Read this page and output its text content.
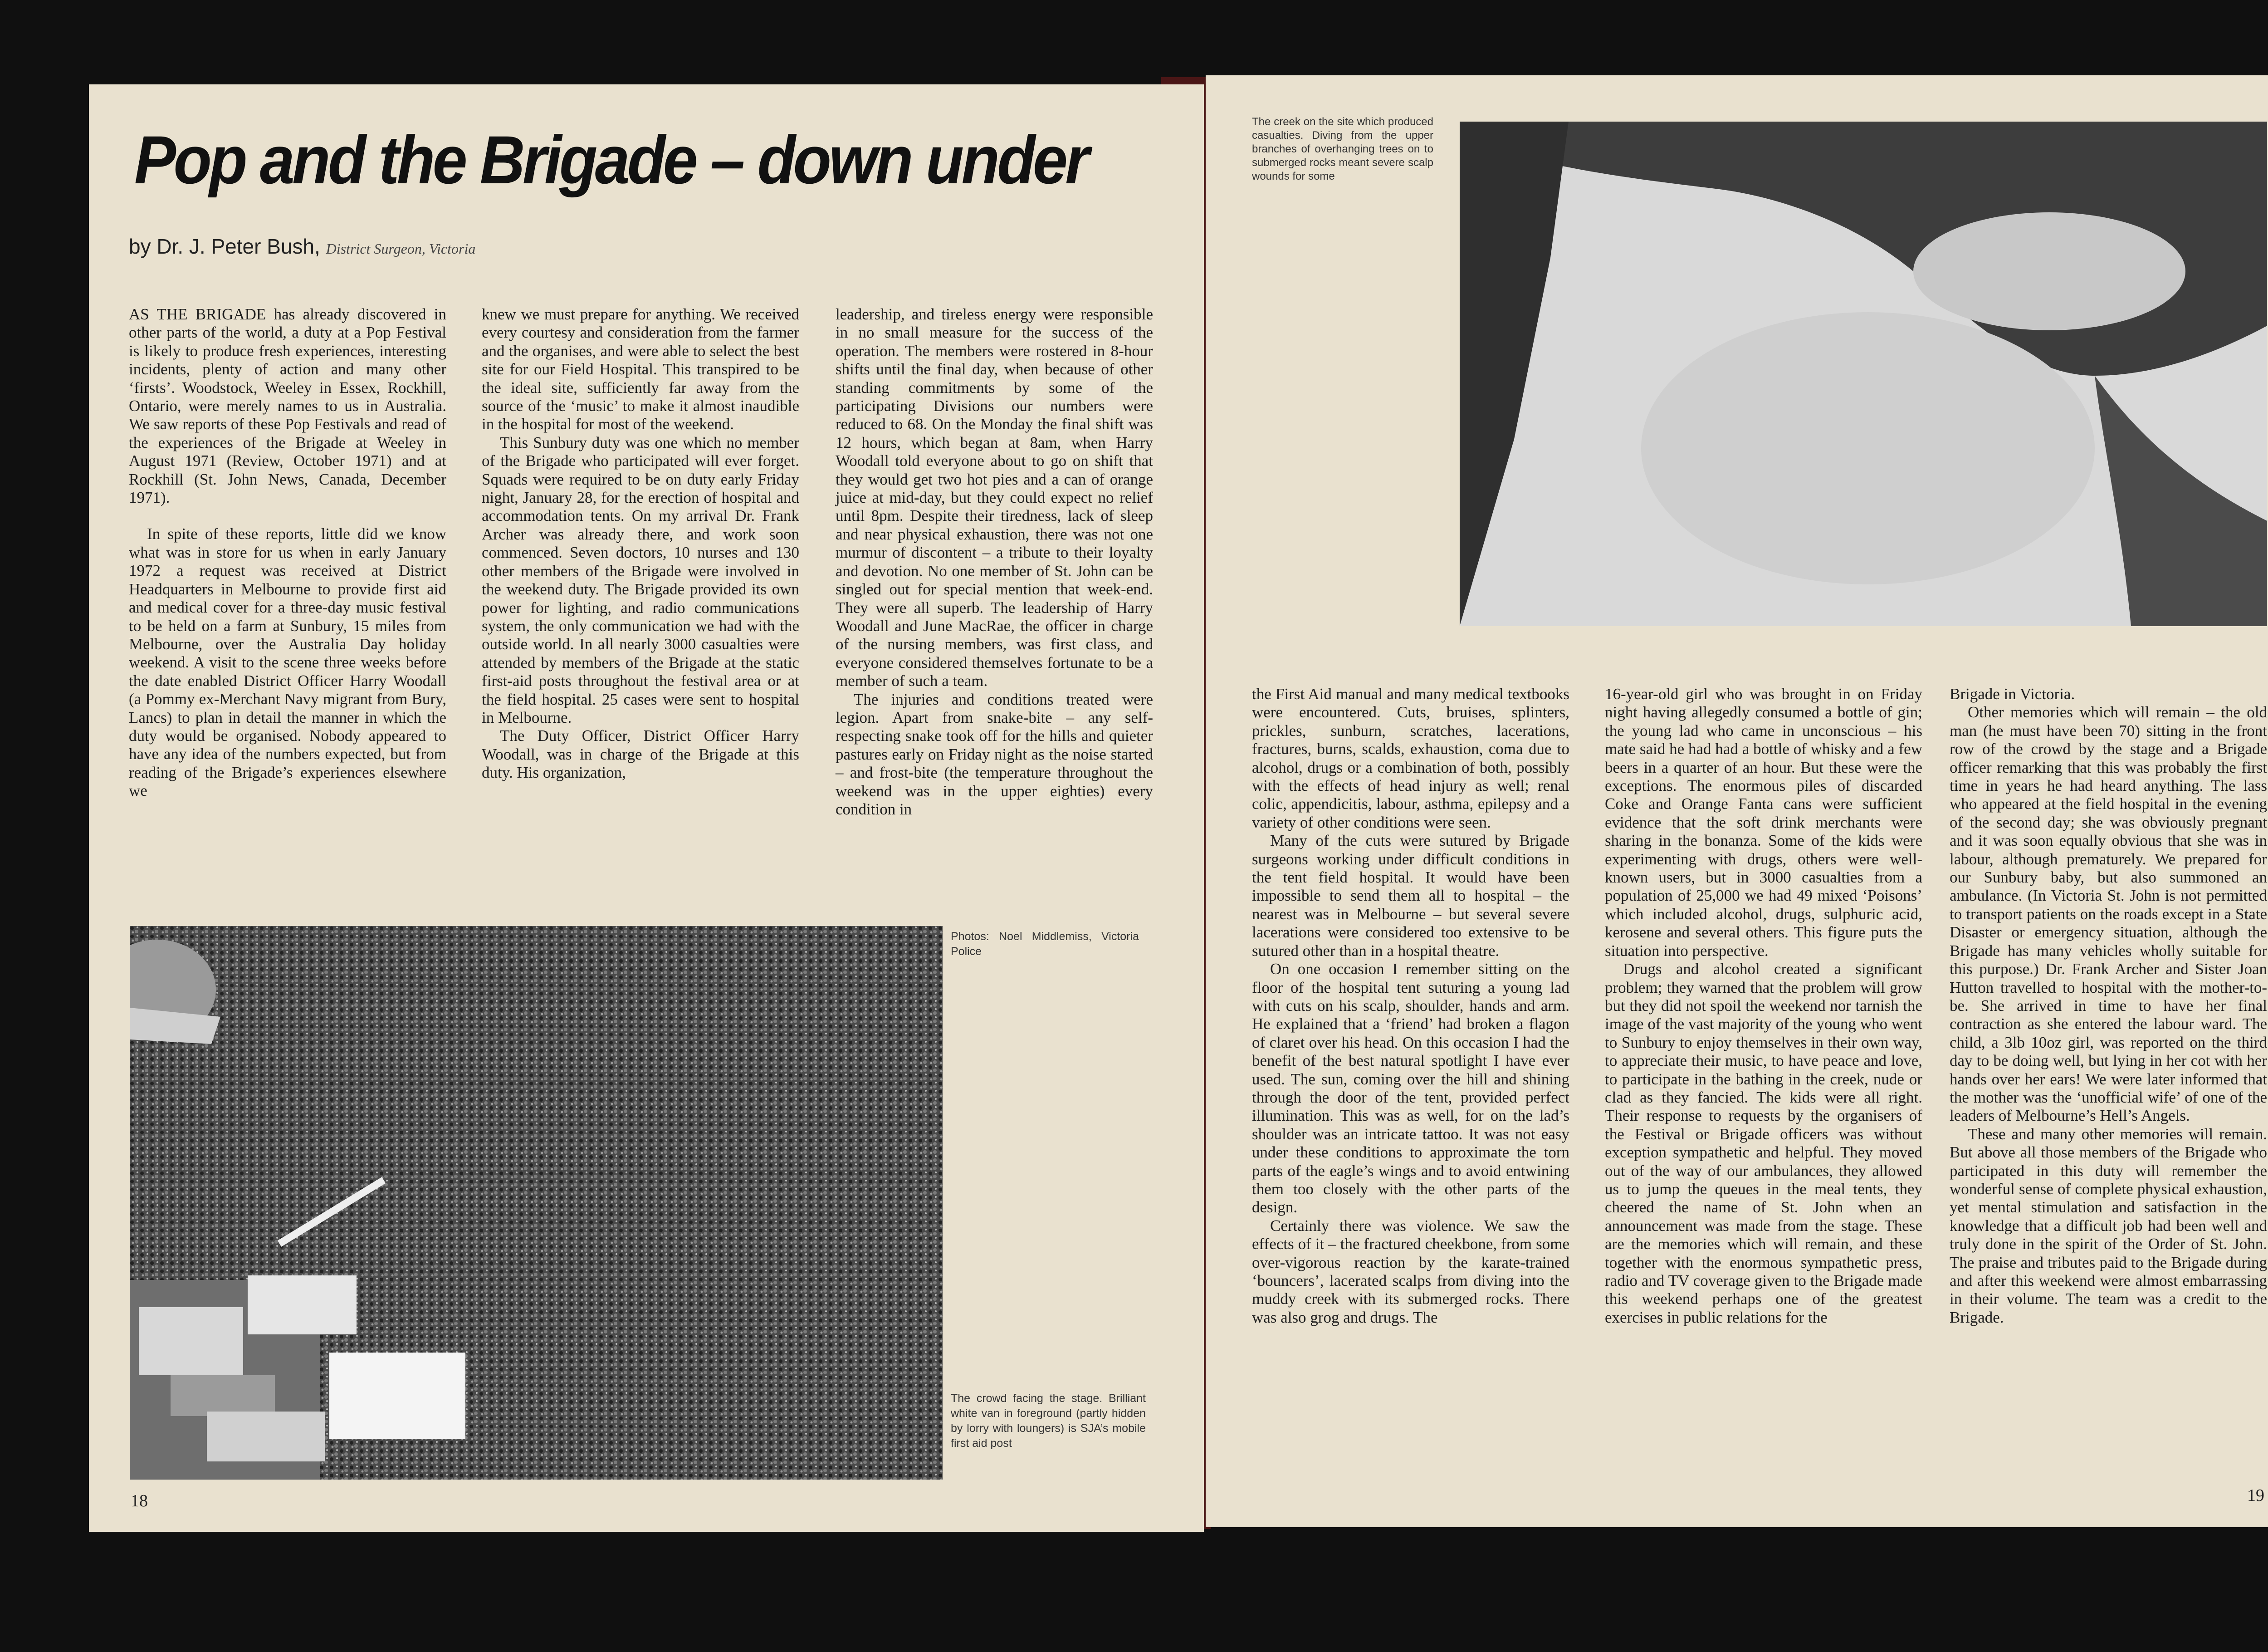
Pop and the Brigade – down under
by Dr. J. Peter Bush, District Surgeon, Victoria

AS THE BRIGADE has already discovered in other parts of the world, a duty at a Pop Festival is likely to produce fresh experiences, interesting incidents, plenty of action and many other ‘firsts’. Woodstock, Weeley in Essex, Rockhill, Ontario, were merely names to us in Australia. We saw reports of these Pop Festivals and read of the experiences of the Brigade at Weeley in August 1971 (Review, October 1971) and at Rockhill (St. John News, Canada, December 1971).

In spite of these reports, little did we know what was in store for us when in early January 1972 a request was received at District Headquarters in Melbourne to provide first aid and medical cover for a three-day music festival to be held on a farm at Sunbury, 15 miles from Melbourne, over the Australia Day holiday weekend. A visit to the scene three weeks before the date enabled District Officer Harry Woodall (a Pommy ex-Merchant Navy migrant from Bury, Lancs) to plan in detail the manner in which the duty would be organised. Nobody appeared to have any idea of the numbers expected, but from reading of the Brigade’s experiences elsewhere we

knew we must prepare for anything. We received every courtesy and consideration from the farmer and the organises, and were able to select the best site for our Field Hospital. This transpired to be the ideal site, sufficiently far away from the source of the ‘music’ to make it almost inaudible in the hospital for most of the weekend.

This Sunbury duty was one which no member of the Brigade who participated will ever forget. Squads were required to be on duty early Friday night, January 28, for the erection of hospital and accommodation tents. On my arrival Dr. Frank Archer was already there, and work soon commenced. Seven doctors, 10 nurses and 130 other members of the Brigade were involved in the weekend duty. The Brigade provided its own power for lighting, and radio communications system, the only communication we had with the outside world. In all nearly 3000 casualties were attended by members of the Brigade at the static first-aid posts throughout the festival area or at the field hospital. 25 cases were sent to hospital in Melbourne.

The Duty Officer, District Officer Harry Woodall, was in charge of the Brigade at this duty. His organization,

leadership, and tireless energy were responsible in no small measure for the success of the operation. The members were rostered in 8-hour shifts until the final day, when because of other standing commitments by some of the participating Divisions our numbers were reduced to 68. On the Monday the final shift was 12 hours, which began at 8am, when Harry Woodall told everyone about to go on shift that they would get two hot pies and a can of orange juice at mid-day, but they could expect no relief until 8pm. Despite their tiredness, lack of sleep and near physical exhaustion, there was not one murmur of discontent – a tribute to their loyalty and devotion. No one member of St. John can be singled out for special mention that week-end. They were all superb. The leadership of Harry Woodall and June MacRae, the officer in charge of the nursing members, was first class, and everyone considered themselves fortunate to be a member of such a team.

The injuries and conditions treated were legion. Apart from snake-bite – any self-respecting snake took off for the hills and quieter pastures early on Friday night as the noise started – and frost-bite (the temperature throughout the weekend was in the upper eighties) every condition in

Photos: Noel Middlemiss, Victoria Police
The crowd facing the stage. Brilliant white van in foreground (partly hidden by lorry with loungers) is SJA’s mobile first aid post
18
The creek on the site which produced casualties. Diving from the upper branches of overhanging trees on to submerged rocks meant severe scalp wounds for some

the First Aid manual and many medical textbooks were encountered. Cuts, bruises, splinters, prickles, sunburn, scratches, lacerations, fractures, burns, scalds, exhaustion, coma due to alcohol, drugs or a combination of both, possibly with the effects of head injury as well; renal colic, appendicitis, labour, asthma, epilepsy and a variety of other conditions were seen.

Many of the cuts were sutured by Brigade surgeons working under difficult conditions in the tent field hospital. It would have been impossible to send them all to hospital – the nearest was in Melbourne – but several severe lacerations were considered too extensive to be sutured other than in a hospital theatre.

On one occasion I remember sitting on the floor of the hospital tent suturing a young lad with cuts on his scalp, shoulder, hands and arm. He explained that a ‘friend’ had broken a flagon of claret over his head. On this occasion I had the benefit of the best natural spotlight I have ever used. The sun, coming over the hill and shining through the door of the tent, provided perfect illumination. This was as well, for on the lad’s shoulder was an intricate tattoo. It was not easy under these conditions to approximate the torn parts of the eagle’s wings and to avoid entwining them too closely with the other parts of the design.

Certainly there was violence. We saw the effects of it – the fractured cheekbone, from some over-vigorous reaction by the karate-trained ‘bouncers’, lacerated scalps from diving into the muddy creek with its submerged rocks. There was also grog and drugs. The

16-year-old girl who was brought in on Friday night having allegedly consumed a bottle of gin; the young lad who came in unconscious – his mate said he had had a bottle of whisky and a few beers in a quarter of an hour. But these were the exceptions. The enormous piles of discarded Coke and Orange Fanta cans were sufficient evidence that the soft drink merchants were sharing in the bonanza. Some of the kids were experimenting with drugs, others were well-known users, but in 3000 casualties from a population of 25,000 we had 49 mixed ‘Poisons’ which included alcohol, drugs, sulphuric acid, kerosene and several others. This figure puts the situation into perspective.

Drugs and alcohol created a significant problem; they warned that the problem will grow but they did not spoil the weekend nor tarnish the image of the vast majority of the young who went to Sunbury to enjoy themselves in their own way, to appreciate their music, to have peace and love, to participate in the bathing in the creek, nude or clad as they fancied. The kids were all right. Their response to requests by the organisers of the Festival or Brigade officers was without exception sympathetic and helpful. They moved out of the way of our ambulances, they allowed us to jump the queues in the meal tents, they cheered the name of St. John when an announcement was made from the stage. These are the memories which will remain, and these together with the enormous sympathetic press, radio and TV coverage given to the Brigade made this weekend perhaps one of the greatest exercises in public relations for the

Brigade in Victoria.

Other memories which will remain – the old man (he must have been 70) sitting in the front row of the crowd by the stage and a Brigade officer remarking that this was probably the first time in years he had heard anything. The lass who appeared at the field hospital in the evening of the second day; she was obviously pregnant and it was soon equally obvious that she was in labour, although prematurely. We prepared for our Sunbury baby, but also summoned an ambulance. (In Victoria St. John is not permitted to transport patients on the roads except in a State Disaster or emergency situation, although the Brigade has many vehicles wholly suitable for this purpose.) Dr. Frank Archer and Sister Joan Hutton travelled to hospital with the mother-to-be. She arrived in time to have her final contraction as she entered the labour ward. The child, a 3lb 10oz girl, was reported on the third day to be doing well, but lying in her cot with her hands over her ears! We were later informed that the mother was the ‘unofficial wife’ of one of the leaders of Melbourne’s Hell’s Angels.

These and many other memories will remain. But above all those members of the Brigade who participated in this duty will remember the wonderful sense of complete physical exhaustion, yet mental stimulation and satisfaction in the knowledge that a difficult job had been well and truly done in the spirit of the Order of St. John. The praise and tributes paid to the Brigade during and after this weekend were almost embarrassing in their volume. The team was a credit to the Brigade.

19
